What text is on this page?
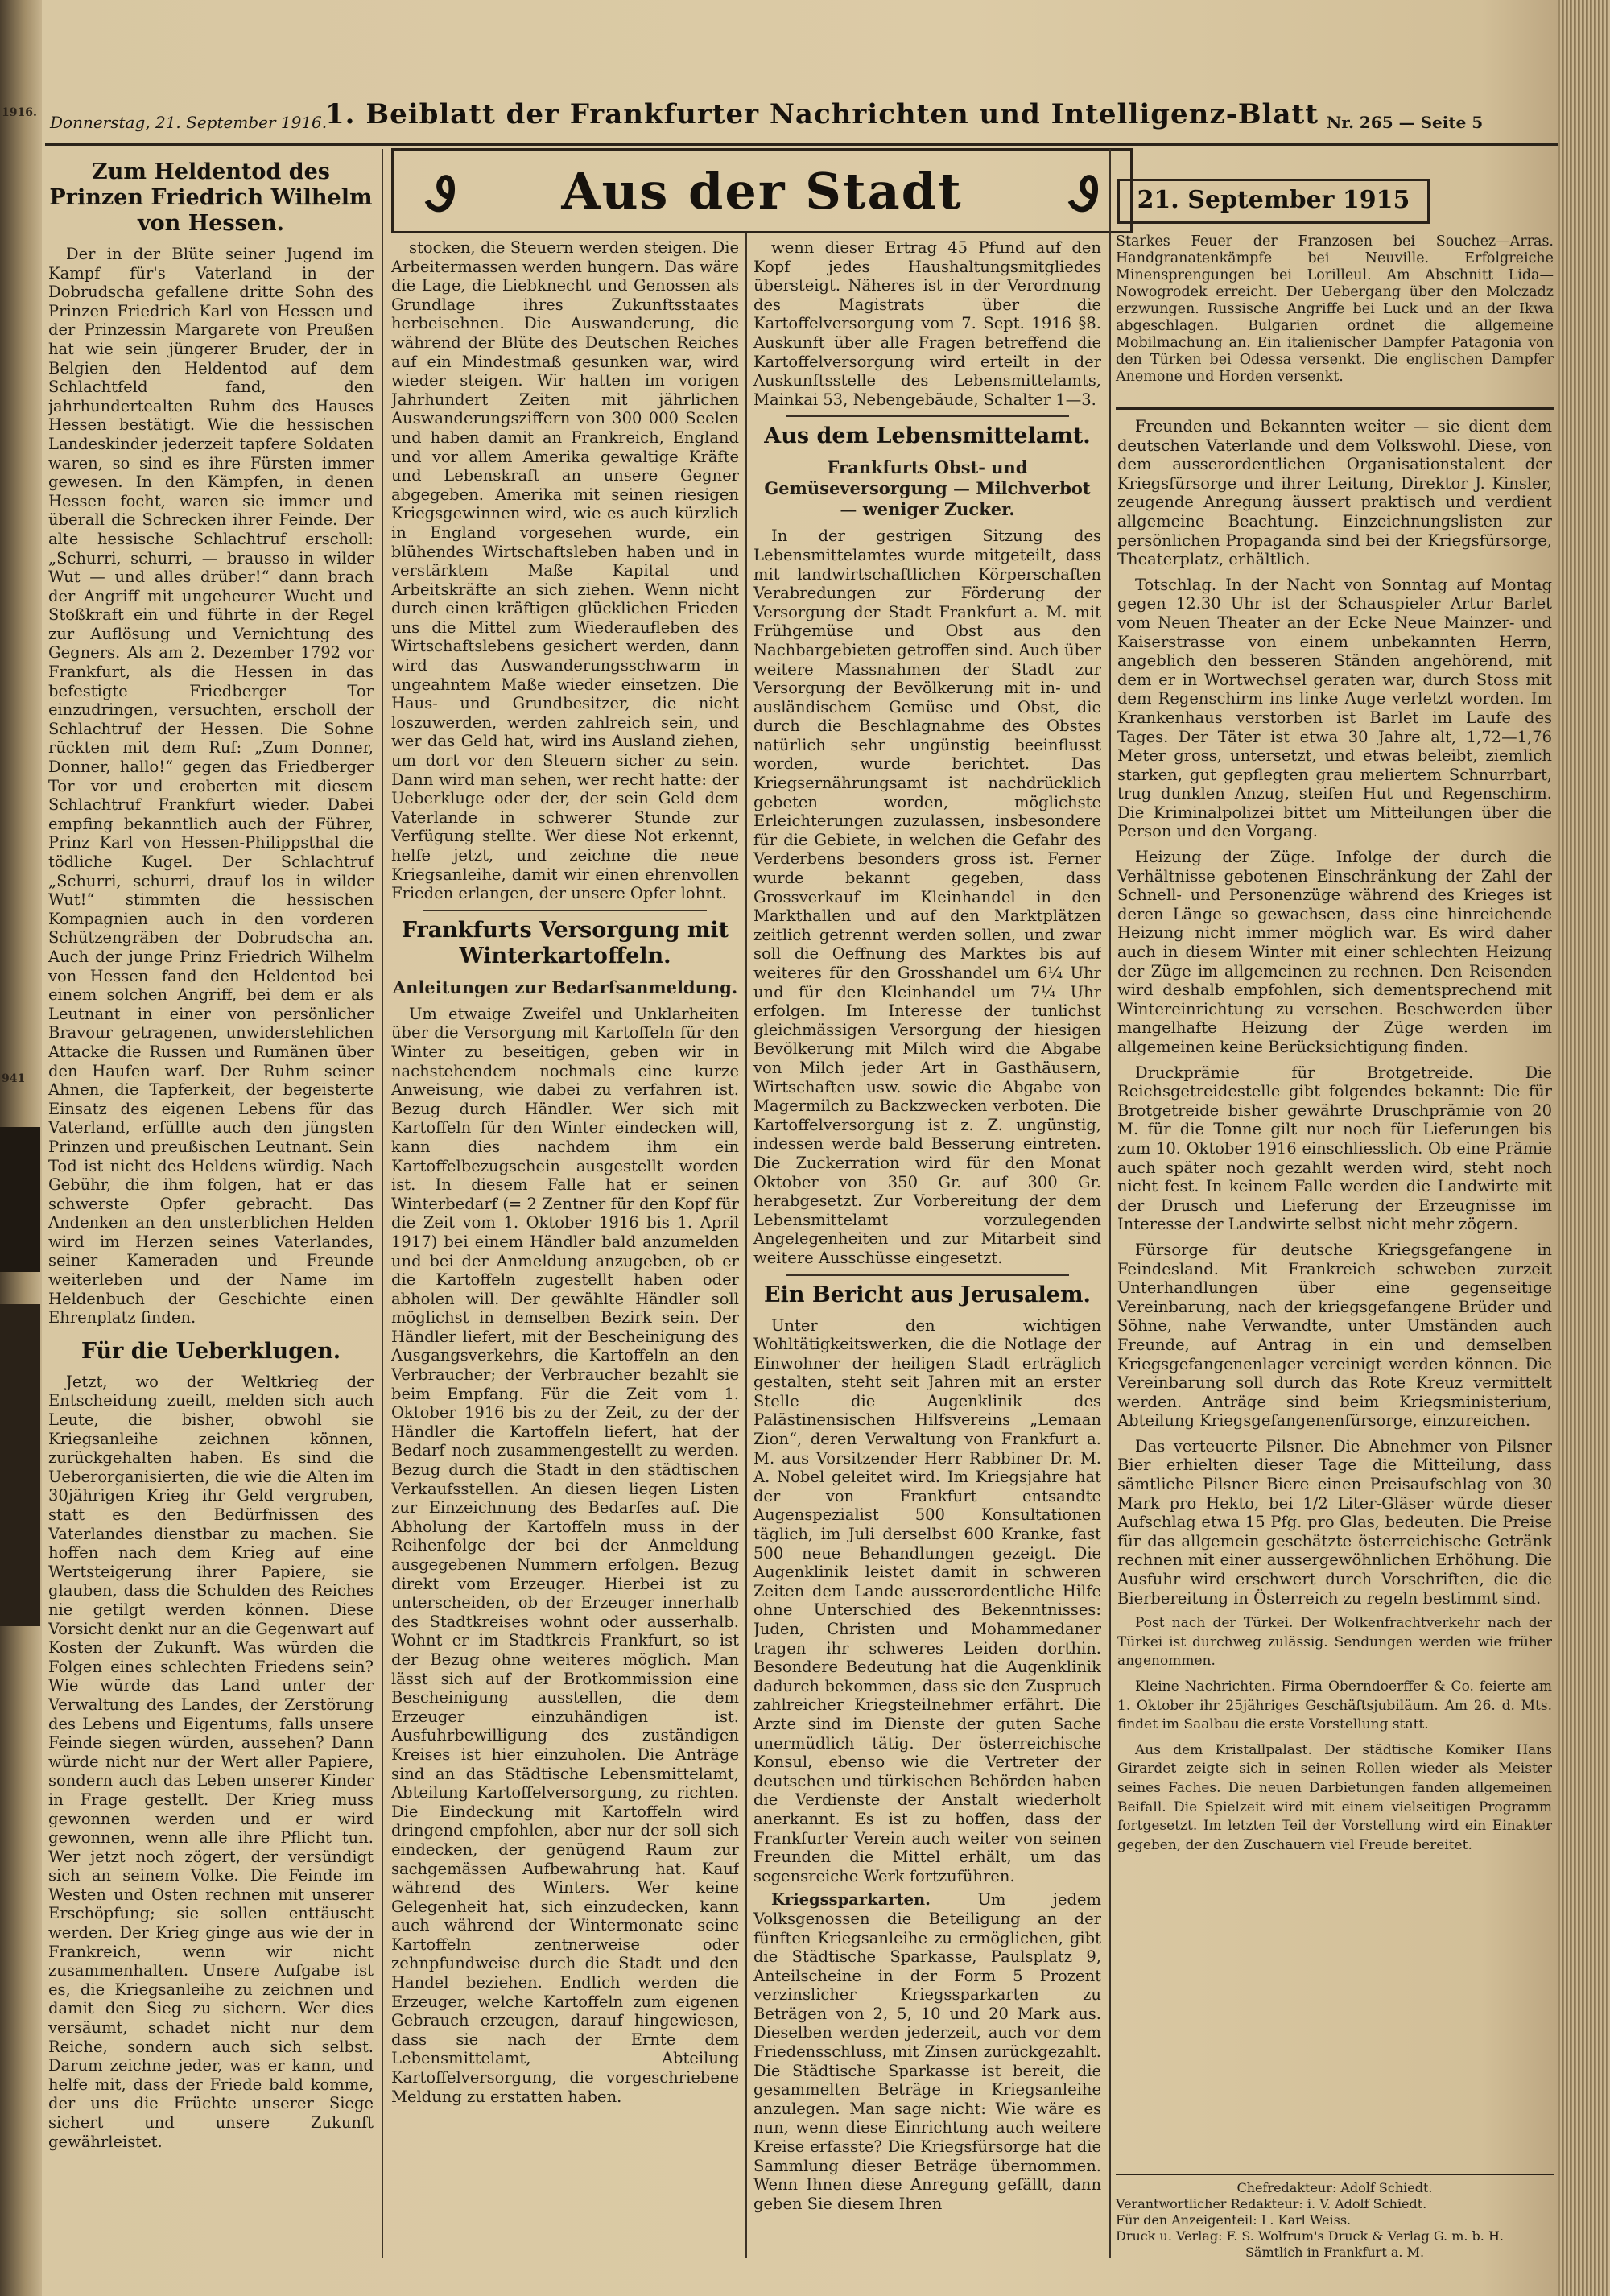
1916.
941
Donnerstag, 21. September 1916.
1. Beiblatt der Frankfurter Nachrichten und Intelligenz-Blatt Nr. 265 — Seite 5
Ꮽ	Aus der Stadt	Ꮽ	21. September 1915
Starkes Feuer der Franzosen bei Souchez—Arras. Handgranatenkämpfe bei Neuville. Erfolgreiche Minensprengungen bei Lorilleul. Am Abschnitt Lida—Nowogrodek erreicht. Der Uebergang über den Molczadz erzwungen. Russische Angriffe bei Luck und an der Ikwa abgeschlagen. Bulgarien ordnet die allgemeine Mobilmachung an. Ein italienischer Dampfer Patagonia von den Türken bei Odessa versenkt. Die englischen Dampfer Anemone und Horden versenkt.
Zum Heldentod des Prinzen Friedrich Wilhelm von Hessen.

Der in der Blüte seiner Jugend im Kampf für's Vaterland in der Dobrudscha gefallene dritte Sohn des Prinzen Friedrich Karl von Hessen und der Prinzessin Margarete von Preußen hat wie sein jüngerer Bruder, der in Belgien den Heldentod auf dem Schlachtfeld fand, den jahrhundertealten Ruhm des Hauses Hessen bestätigt. Wie die hessischen Landeskinder jederzeit tapfere Soldaten waren, so sind es ihre Fürsten immer gewesen. In den Kämpfen, in denen Hessen focht, waren sie immer und überall die Schrecken ihrer Feinde. Der alte hessische Schlachtruf erscholl: „Schurri, schurri, — brausso in wilder Wut — und alles drüber!“ dann brach der Angriff mit ungeheurer Wucht und Stoßkraft ein und führte in der Regel zur Auflösung und Vernichtung des Gegners. Als am 2. Dezember 1792 vor Frankfurt, als die Hessen in das befestigte Friedberger Tor einzudringen, versuchten, erscholl der Schlachtruf der Hessen. Die Sohne rückten mit dem Ruf: „Zum Donner, Donner, hallo!“ gegen das Friedberger Tor vor und eroberten mit diesem Schlachtruf Frankfurt wieder. Dabei empfing bekanntlich auch der Führer, Prinz Karl von Hessen-Philippsthal die tödliche Kugel. Der Schlachtruf „Schurri, schurri, drauf los in wilder Wut!“ stimmten die hessischen Kompagnien auch in den vorderen Schützengräben der Dobrudscha an. Auch der junge Prinz Friedrich Wilhelm von Hessen fand den Heldentod bei einem solchen Angriff, bei dem er als Leutnant in einer von persönlicher Bravour getragenen, unwiderstehlichen Attacke die Russen und Rumänen über den Haufen warf. Der Ruhm seiner Ahnen, die Tapferkeit, der begeisterte Einsatz des eigenen Lebens für das Vaterland, erfüllte auch den jüngsten Prinzen und preußischen Leutnant. Sein Tod ist nicht des Heldens würdig. Nach Gebühr, die ihm folgen, hat er das schwerste Opfer gebracht. Das Andenken an den unsterblichen Helden wird im Herzen seines Vaterlandes, seiner Kameraden und Freunde weiterleben und der Name im Heldenbuch der Geschichte einen Ehrenplatz finden.

Für die Ueberklugen.

Jetzt, wo der Weltkrieg der Entscheidung zueilt, melden sich auch Leute, die bisher, obwohl sie Kriegsanleihe zeichnen können, zurückgehalten haben. Es sind die Ueberorganisierten, die wie die Alten im 30jährigen Krieg ihr Geld vergruben, statt es den Bedürfnissen des Vaterlandes dienstbar zu machen. Sie hoffen nach dem Krieg auf eine Wertsteigerung ihrer Papiere, sie glauben, dass die Schulden des Reiches nie getilgt werden können. Diese Vorsicht denkt nur an die Gegenwart auf Kosten der Zukunft. Was würden die Folgen eines schlechten Friedens sein? Wie würde das Land unter der Verwaltung des Landes, der Zerstörung des Lebens und Eigentums, falls unsere Feinde siegen würden, aussehen? Dann würde nicht nur der Wert aller Papiere, sondern auch das Leben unserer Kinder in Frage gestellt. Der Krieg muss gewonnen werden und er wird gewonnen, wenn alle ihre Pflicht tun. Wer jetzt noch zögert, der versündigt sich an seinem Volke. Die Feinde im Westen und Osten rechnen mit unserer Erschöpfung; sie sollen enttäuscht werden. Der Krieg ginge aus wie der in Frankreich, wenn wir nicht zusammenhalten. Unsere Aufgabe ist es, die Kriegsanleihe zu zeichnen und damit den Sieg zu sichern. Wer dies versäumt, schadet nicht nur dem Reiche, sondern auch sich selbst. Darum zeichne jeder, was er kann, und helfe mit, dass der Friede bald komme, der uns die Früchte unserer Siege sichert und unsere Zukunft gewährleistet.

stocken, die Steuern werden steigen. Die Arbeitermassen werden hungern. Das wäre die Lage, die Liebknecht und Genossen als Grundlage ihres Zukunftsstaates herbeisehnen. Die Auswanderung, die während der Blüte des Deutschen Reiches auf ein Mindestmaß gesunken war, wird wieder steigen. Wir hatten im vorigen Jahrhundert Zeiten mit jährlichen Auswanderungsziffern von 300 000 Seelen und haben damit an Frankreich, England und vor allem Amerika gewaltige Kräfte und Lebenskraft an unsere Gegner abgegeben. Amerika mit seinen riesigen Kriegsgewinnen wird, wie es auch kürzlich in England vorgesehen wurde, ein blühendes Wirtschaftsleben haben und in verstärktem Maße Kapital und Arbeitskräfte an sich ziehen. Wenn nicht durch einen kräftigen glücklichen Frieden uns die Mittel zum Wiederaufleben des Wirtschaftslebens gesichert werden, dann wird das Auswanderungsschwarm in ungeahntem Maße wieder einsetzen. Die Haus- und Grundbesitzer, die nicht loszuwerden, werden zahlreich sein, und wer das Geld hat, wird ins Ausland ziehen, um dort vor den Steuern sicher zu sein. Dann wird man sehen, wer recht hatte: der Ueberkluge oder der, der sein Geld dem Vaterlande in schwerer Stunde zur Verfügung stellte. Wer diese Not erkennt, helfe jetzt, und zeichne die neue Kriegsanleihe, damit wir einen ehrenvollen Frieden erlangen, der unsere Opfer lohnt.

Frankfurts Versorgung mit Winterkartoffeln.
Anleitungen zur Bedarfsanmeldung.

Um etwaige Zweifel und Unklarheiten über die Versorgung mit Kartoffeln für den Winter zu beseitigen, geben wir in nachstehendem nochmals eine kurze Anweisung, wie dabei zu verfahren ist. Bezug durch Händler. Wer sich mit Kartoffeln für den Winter eindecken will, kann dies nachdem ihm ein Kartoffelbezugschein ausgestellt worden ist. In diesem Falle hat er seinen Winterbedarf (= 2 Zentner für den Kopf für die Zeit vom 1. Oktober 1916 bis 1. April 1917) bei einem Händler bald anzumelden und bei der Anmeldung anzugeben, ob er die Kartoffeln zugestellt haben oder abholen will. Der gewählte Händler soll möglichst in demselben Bezirk sein. Der Händler liefert, mit der Bescheinigung des Ausgangsverkehrs, die Kartoffeln an den Verbraucher; der Verbraucher bezahlt sie beim Empfang. Für die Zeit vom 1. Oktober 1916 bis zu der Zeit, zu der der Händler die Kartoffeln liefert, hat der Bedarf noch zusammengestellt zu werden. Bezug durch die Stadt in den städtischen Verkaufsstellen. An diesen liegen Listen zur Einzeichnung des Bedarfes auf. Die Abholung der Kartoffeln muss in der Reihenfolge der bei der Anmeldung ausgegebenen Nummern erfolgen. Bezug direkt vom Erzeuger. Hierbei ist zu unterscheiden, ob der Erzeuger innerhalb des Stadtkreises wohnt oder ausserhalb. Wohnt er im Stadtkreis Frankfurt, so ist der Bezug ohne weiteres möglich. Man lässt sich auf der Brotkommission eine Bescheinigung ausstellen, die dem Erzeuger einzuhändigen ist. Ausfuhrbewilligung des zuständigen Kreises ist hier einzuholen. Die Anträge sind an das Städtische Lebensmittelamt, Abteilung Kartoffelversorgung, zu richten. Die Eindeckung mit Kartoffeln wird dringend empfohlen, aber nur der soll sich eindecken, der genügend Raum zur sachgemässen Aufbewahrung hat. Kauf während des Winters. Wer keine Gelegenheit hat, sich einzudecken, kann auch während der Wintermonate seine Kartoffeln zentnerweise oder zehnpfundweise durch die Stadt und den Handel beziehen. Endlich werden die Erzeuger, welche Kartoffeln zum eigenen Gebrauch erzeugen, darauf hingewiesen, dass sie nach der Ernte dem Lebensmittelamt, Abteilung Kartoffelversorgung, die vorgeschriebene Meldung zu erstatten haben.

wenn dieser Ertrag 45 Pfund auf den Kopf jedes Haushaltungsmitgliedes übersteigt. Näheres ist in der Verordnung des Magistrats über die Kartoffelversorgung vom 7. Sept. 1916 §8. Auskunft über alle Fragen betreffend die Kartoffelversorgung wird erteilt in der Auskunftsstelle des Lebensmittelamts, Mainkai 53, Nebengebäude, Schalter 1—3.

Aus dem Lebensmittelamt.
Frankfurts Obst- und Gemüseversorgung — Milchverbot — weniger Zucker.

In der gestrigen Sitzung des Lebensmittelamtes wurde mitgeteilt, dass mit landwirtschaftlichen Körperschaften Verabredungen zur Förderung der Versorgung der Stadt Frankfurt a. M. mit Frühgemüse und Obst aus den Nachbargebieten getroffen sind. Auch über weitere Massnahmen der Stadt zur Versorgung der Bevölkerung mit in- und ausländischem Gemüse und Obst, die durch die Beschlagnahme des Obstes natürlich sehr ungünstig beeinflusst worden, wurde berichtet. Das Kriegsernährungsamt ist nachdrücklich gebeten worden, möglichste Erleichterungen zuzulassen, insbesondere für die Gebiete, in welchen die Gefahr des Verderbens besonders gross ist. Ferner wurde bekannt gegeben, dass Grossverkauf im Kleinhandel in den Markthallen und auf den Marktplätzen zeitlich getrennt werden sollen, und zwar soll die Oeffnung des Marktes bis auf weiteres für den Grosshandel um 6¼ Uhr und für den Kleinhandel um 7¼ Uhr erfolgen. Im Interesse der tunlichst gleichmässigen Versorgung der hiesigen Bevölkerung mit Milch wird die Abgabe von Milch jeder Art in Gasthäusern, Wirtschaften usw. sowie die Abgabe von Magermilch zu Backzwecken verboten. Die Kartoffelversorgung ist z. Z. ungünstig, indessen werde bald Besserung eintreten. Die Zuckerration wird für den Monat Oktober von 350 Gr. auf 300 Gr. herabgesetzt. Zur Vorbereitung der dem Lebensmittelamt vorzulegenden Angelegenheiten und zur Mitarbeit sind weitere Ausschüsse eingesetzt.

Ein Bericht aus Jerusalem.

Unter den wichtigen Wohltätigkeitswerken, die die Notlage der Einwohner der heiligen Stadt erträglich gestalten, steht seit Jahren mit an erster Stelle die Augenklinik des Palästinensischen Hilfsvereins „Lemaan Zion“, deren Verwaltung von Frankfurt a. M. aus Vorsitzender Herr Rabbiner Dr. M. A. Nobel geleitet wird. Im Kriegsjahre hat der von Frankfurt entsandte Augenspezialist 500 Konsultationen täglich, im Juli derselbst 600 Kranke, fast 500 neue Behandlungen gezeigt. Die Augenklinik leistet damit in schweren Zeiten dem Lande ausserordentliche Hilfe ohne Unterschied des Bekenntnisses: Juden, Christen und Mohammedaner tragen ihr schweres Leiden dorthin. Besondere Bedeutung hat die Augenklinik dadurch bekommen, dass sie den Zuspruch zahlreicher Kriegsteilnehmer erfährt. Die Arzte sind im Dienste der guten Sache unermüdlich tätig. Der österreichische Konsul, ebenso wie die Vertreter der deutschen und türkischen Behörden haben die Verdienste der Anstalt wiederholt anerkannt. Es ist zu hoffen, dass der Frankfurter Verein auch weiter von seinen Freunden die Mittel erhält, um das segensreiche Werk fortzuführen.

Kriegssparkarten.	Um jedem Volksgenossen die Beteiligung an der fünften Kriegsanleihe zu ermöglichen, gibt die Städtische Sparkasse, Paulsplatz 9, Anteilscheine in der Form 5 Prozent verzinslicher Kriegssparkarten zu Beträgen von 2, 5, 10 und 20 Mark aus. Dieselben werden jederzeit, auch vor dem Friedensschluss, mit Zinsen zurückgezahlt. Die Städtische Sparkasse ist bereit, die gesammelten Beträge in Kriegsanleihe anzulegen. Man sage nicht: Wie wäre es nun, wenn diese Einrichtung auch weitere Kreise erfasste? Die Kriegsfürsorge hat die Sammlung dieser Beträge übernommen. Wenn Ihnen diese Anregung gefällt, dann geben Sie diesem Ihren

Freunden und Bekannten weiter — sie dient dem deutschen Vaterlande und dem Volkswohl. Diese, von dem ausserordentlichen Organisationstalent der Kriegsfürsorge und ihrer Leitung, Direktor J. Kinsler, zeugende Anregung äussert praktisch und verdient allgemeine Beachtung. Einzeichnungslisten zur persönlichen Propaganda sind bei der Kriegsfürsorge, Theaterplatz, erhältlich.

Totschlag. In der Nacht von Sonntag auf Montag gegen 12.30 Uhr ist der Schauspieler Artur Barlet vom Neuen Theater an der Ecke Neue Mainzer- und Kaiserstrasse von einem unbekannten Herrn, angeblich den besseren Ständen angehörend, mit dem er in Wortwechsel geraten war, durch Stoss mit dem Regenschirm ins linke Auge verletzt worden. Im Krankenhaus verstorben ist Barlet im Laufe des Tages. Der Täter ist etwa 30 Jahre alt, 1,72—1,76 Meter gross, untersetzt, und etwas beleibt, ziemlich starken, gut gepflegten grau meliertem Schnurrbart, trug dunklen Anzug, steifen Hut und Regenschirm. Die Kriminalpolizei bittet um Mitteilungen über die Person und den Vorgang.

Heizung der Züge. Infolge der durch die Verhältnisse gebotenen Einschränkung der Zahl der Schnell- und Personenzüge während des Krieges ist deren Länge so gewachsen, dass eine hinreichende Heizung nicht immer möglich war. Es wird daher auch in diesem Winter mit einer schlechten Heizung der Züge im allgemeinen zu rechnen. Den Reisenden wird deshalb empfohlen, sich dementsprechend mit Wintereinrichtung zu versehen. Beschwerden über mangelhafte Heizung der Züge werden im allgemeinen keine Berücksichtigung finden.

Druckprämie für Brotgetreide. Die Reichsgetreidestelle gibt folgendes bekannt: Die für Brotgetreide bisher gewährte Druschprämie von 20 M. für die Tonne gilt nur noch für Lieferungen bis zum 10. Oktober 1916 einschliesslich. Ob eine Prämie auch später noch gezahlt werden wird, steht noch nicht fest. In keinem Falle werden die Landwirte mit der Drusch und Lieferung der Erzeugnisse im Interesse der Landwirte selbst nicht mehr zögern.

Fürsorge für deutsche Kriegsgefangene in Feindesland. Mit Frankreich schweben zurzeit Unterhandlungen über eine gegenseitige Vereinbarung, nach der kriegsgefangene Brüder und Söhne, nahe Verwandte, unter Umständen auch Freunde, auf Antrag in ein und demselben Kriegsgefangenenlager vereinigt werden können. Die Vereinbarung soll durch das Rote Kreuz vermittelt werden. Anträge sind beim Kriegsministerium, Abteilung Kriegsgefangenenfürsorge, einzureichen.

Das verteuerte Pilsner. Die Abnehmer von Pilsner Bier erhielten dieser Tage die Mitteilung, dass sämtliche Pilsner Biere einen Preisaufschlag von 30 Mark pro Hekto, bei 1/2 Liter-Gläser würde dieser Aufschlag etwa 15 Pfg. pro Glas, bedeuten. Die Preise für das allgemein geschätzte österreichische Getränk rechnen mit einer aussergewöhnlichen Erhöhung. Die Ausfuhr wird erschwert durch Vorschriften, die die Bierbereitung in Österreich zu regeln bestimmt sind.

Post nach der Türkei. Der Wolkenfrachtverkehr nach der Türkei ist durchweg zulässig. Sendungen werden wie früher angenommen.

Kleine Nachrichten. Firma Oberndoerffer & Co. feierte am 1. Oktober ihr 25jähriges Geschäftsjubiläum. Am 26. d. Mts. findet im Saalbau die erste Vorstellung statt.

Aus dem Kristallpalast. Der städtische Komiker Hans Girardet zeigte sich in seinen Rollen wieder als Meister seines Faches. Die neuen Darbietungen fanden allgemeinen Beifall. Die Spielzeit wird mit einem vielseitigen Programm fortgesetzt. Im letzten Teil der Vorstellung wird ein Einakter gegeben, der den Zuschauern viel Freude bereitet.

Chefredakteur: Adolf Schiedt.
Verantwortlicher Redakteur: i. V. Adolf Schiedt.
Für den Anzeigenteil: L. Karl Weiss.
Druck u. Verlag: F. S. Wolfrum's Druck & Verlag G. m. b. H.
Sämtlich in Frankfurt a. M.
